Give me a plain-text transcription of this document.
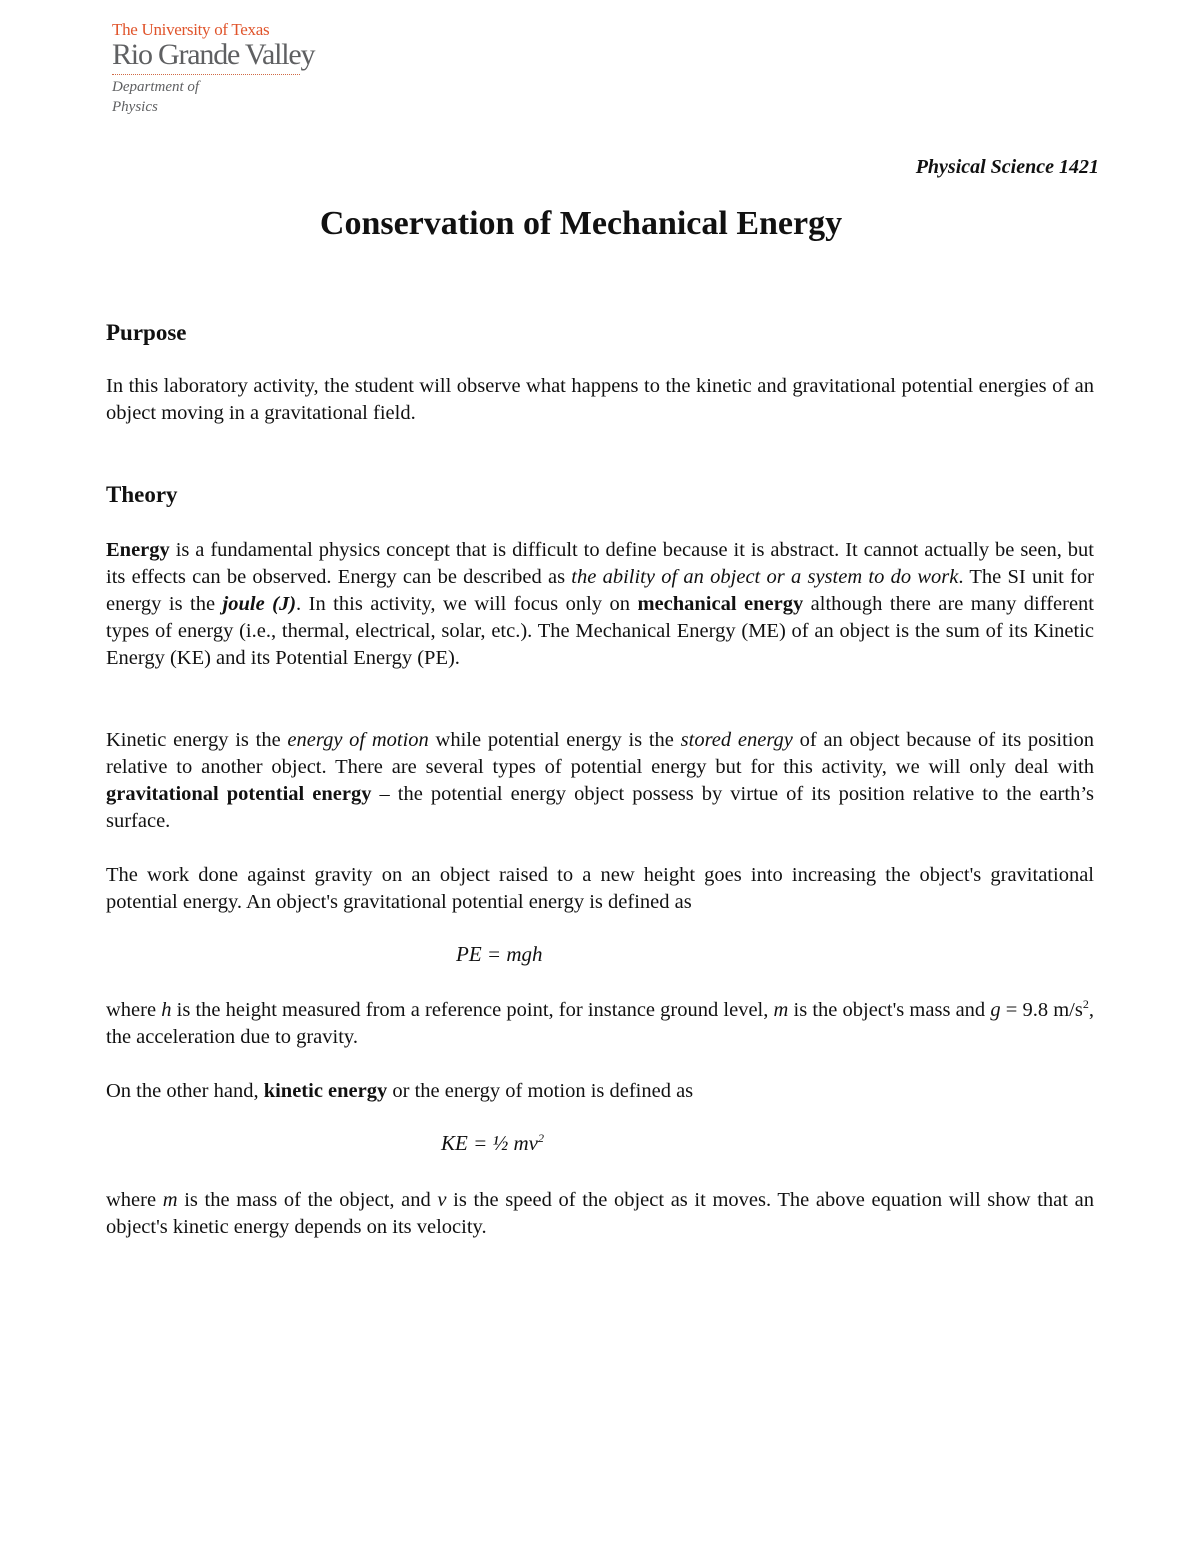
The University of Texas
Rio Grande Valley
Department of
Physics
Physical Science 1421
Conservation of Mechanical Energy
Purpose

In this laboratory activity, the student will observe what happens to the kinetic and gravitational potential energies of an object moving in a gravitational field.

Theory

Energy is a fundamental physics concept that is difficult to define because it is abstract. It cannot actually be seen, but its effects can be observed. Energy can be described as the ability of an object or a system to do work. The SI unit for energy is the joule (J). In this activity, we will focus only on mechanical energy although there are many different types of energy (i.e., thermal, electrical, solar, etc.). The Mechanical Energy (ME) of an object is the sum of its Kinetic Energy (KE) and its Potential Energy (PE).

Kinetic energy is the energy of motion while potential energy is the stored energy of an object because of its position relative to another object. There are several types of potential energy but for this activity, we will only deal with gravitational potential energy – the potential energy object possess by virtue of its position relative to the earth’s surface.

The work done against gravity on an object raised to a new height goes into increasing the object's gravitational potential energy. An object's gravitational potential energy is defined as

PE = mgh

where h is the height measured from a reference point, for instance ground level, m is the object's mass and g = 9.8 $m/s^2$, the acceleration due to gravity.

On the other hand, kinetic energy or the energy of motion is defined as

KE = ½ $mv^2$

where m is the mass of the object, and v is the speed of the object as it moves. The above equation will show that an object's kinetic energy depends on its velocity.
